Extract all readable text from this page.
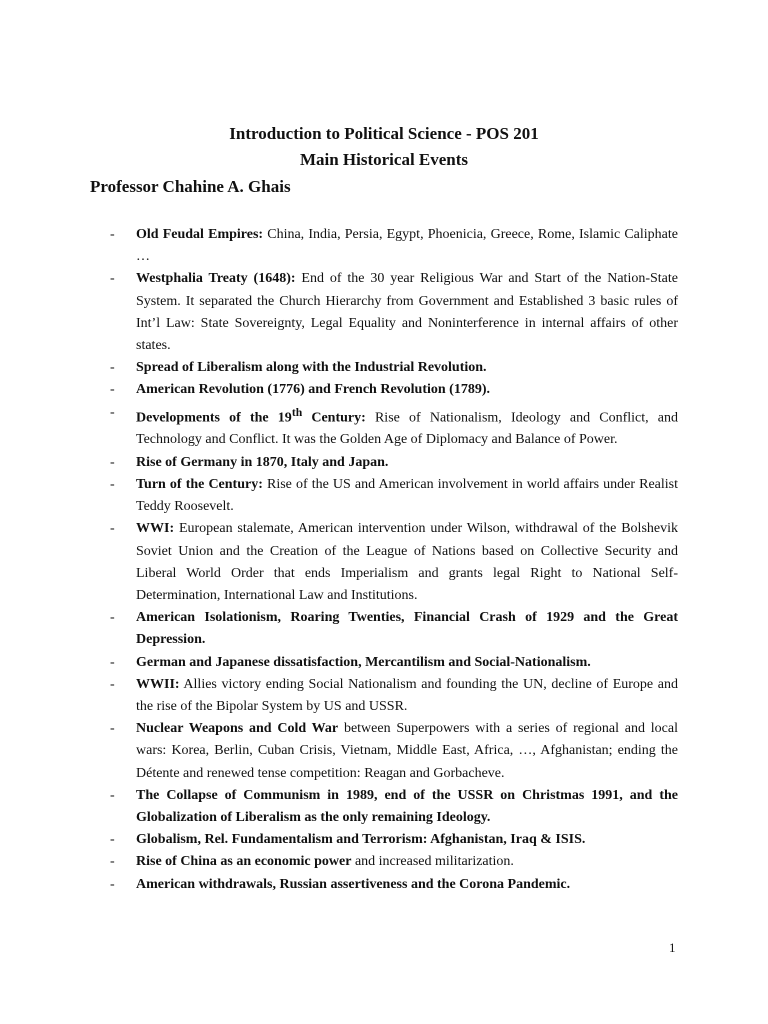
Introduction to Political Science - POS 201
Main Historical Events

Professor Chahine A. Ghais

- Old Feudal Empires: China, India, Persia, Egypt, Phoenicia, Greece, Rome, Islamic Caliphate …
- Westphalia Treaty (1648): End of the 30 year Religious War and Start of the Nation-State System. It separated the Church Hierarchy from Government and Established 3 basic rules of Int’l Law: State Sovereignty, Legal Equality and Noninterference in internal affairs of other states.
- Spread of Liberalism along with the Industrial Revolution.
- American Revolution (1776) and French Revolution (1789).
- Developments of the 19th Century: Rise of Nationalism, Ideology and Conflict, and Technology and Conflict. It was the Golden Age of Diplomacy and Balance of Power.
- Rise of Germany in 1870, Italy and Japan.
- Turn of the Century: Rise of the US and American involvement in world affairs under Realist Teddy Roosevelt.
- WWI: European stalemate, American intervention under Wilson, withdrawal of the Bolshevik Soviet Union and the Creation of the League of Nations based on Collective Security and Liberal World Order that ends Imperialism and grants legal Right to National Self-Determination, International Law and Institutions.
- American Isolationism, Roaring Twenties, Financial Crash of 1929 and the Great Depression.
- German and Japanese dissatisfaction, Mercantilism and Social-Nationalism.
- WWII: Allies victory ending Social Nationalism and founding the UN, decline of Europe and the rise of the Bipolar System by US and USSR.
- Nuclear Weapons and Cold War between Superpowers with a series of regional and local wars: Korea, Berlin, Cuban Crisis, Vietnam, Middle East, Africa, …, Afghanistan; ending the Détente and renewed tense competition: Reagan and Gorbacheve.
- The Collapse of Communism in 1989, end of the USSR on Christmas 1991, and the Globalization of Liberalism as the only remaining Ideology.
- Globalism, Rel. Fundamentalism and Terrorism: Afghanistan, Iraq & ISIS.
- Rise of China as an economic power and increased militarization.
- American withdrawals, Russian assertiveness and the Corona Pandemic.
1
